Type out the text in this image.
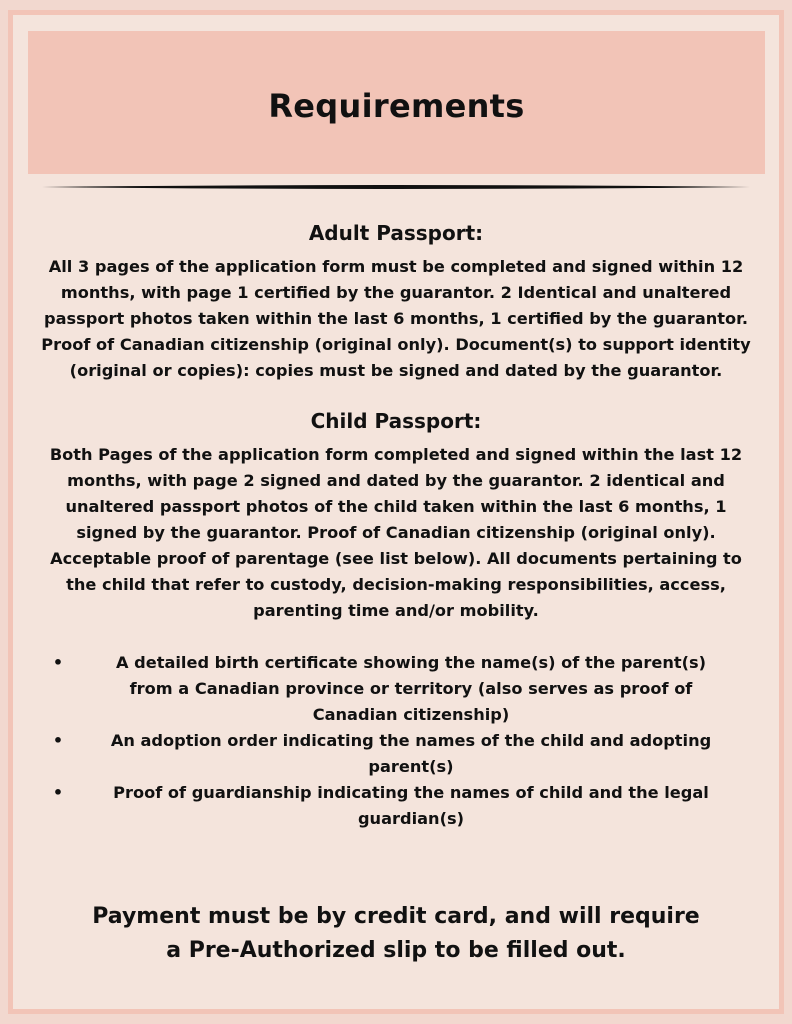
Requirements
Adult Passport:

All 3 pages of the application form must be completed and signed within 12 months, with page 1 certified by the guarantor. 2 Identical and unaltered passport photos taken within the last 6 months, 1 certified by the guarantor. Proof of Canadian citizenship (original only). Document(s) to support identity (original or copies): copies must be signed and dated by the guarantor.

Child Passport:

Both Pages of the application form completed and signed within the last 12 months, with page 2 signed and dated by the guarantor. 2 identical and unaltered passport photos of the child taken within the last 6 months, 1 signed by the guarantor. Proof of Canadian citizenship (original only). Acceptable proof of parentage (see list below). All documents pertaining to the child that refer to custody, decision-making responsibilities, access, parenting time and/or mobility.

•	A detailed birth certificate showing the name(s) of the parent(s) from a Canadian province or territory (also serves as proof of Canadian citizenship)
•	An adoption order indicating the names of the child and adopting parent(s)
•	Proof of guardianship indicating the names of child and the legal guardian(s)
Payment must be by credit card, and will require
a Pre-Authorized slip to be filled out.
